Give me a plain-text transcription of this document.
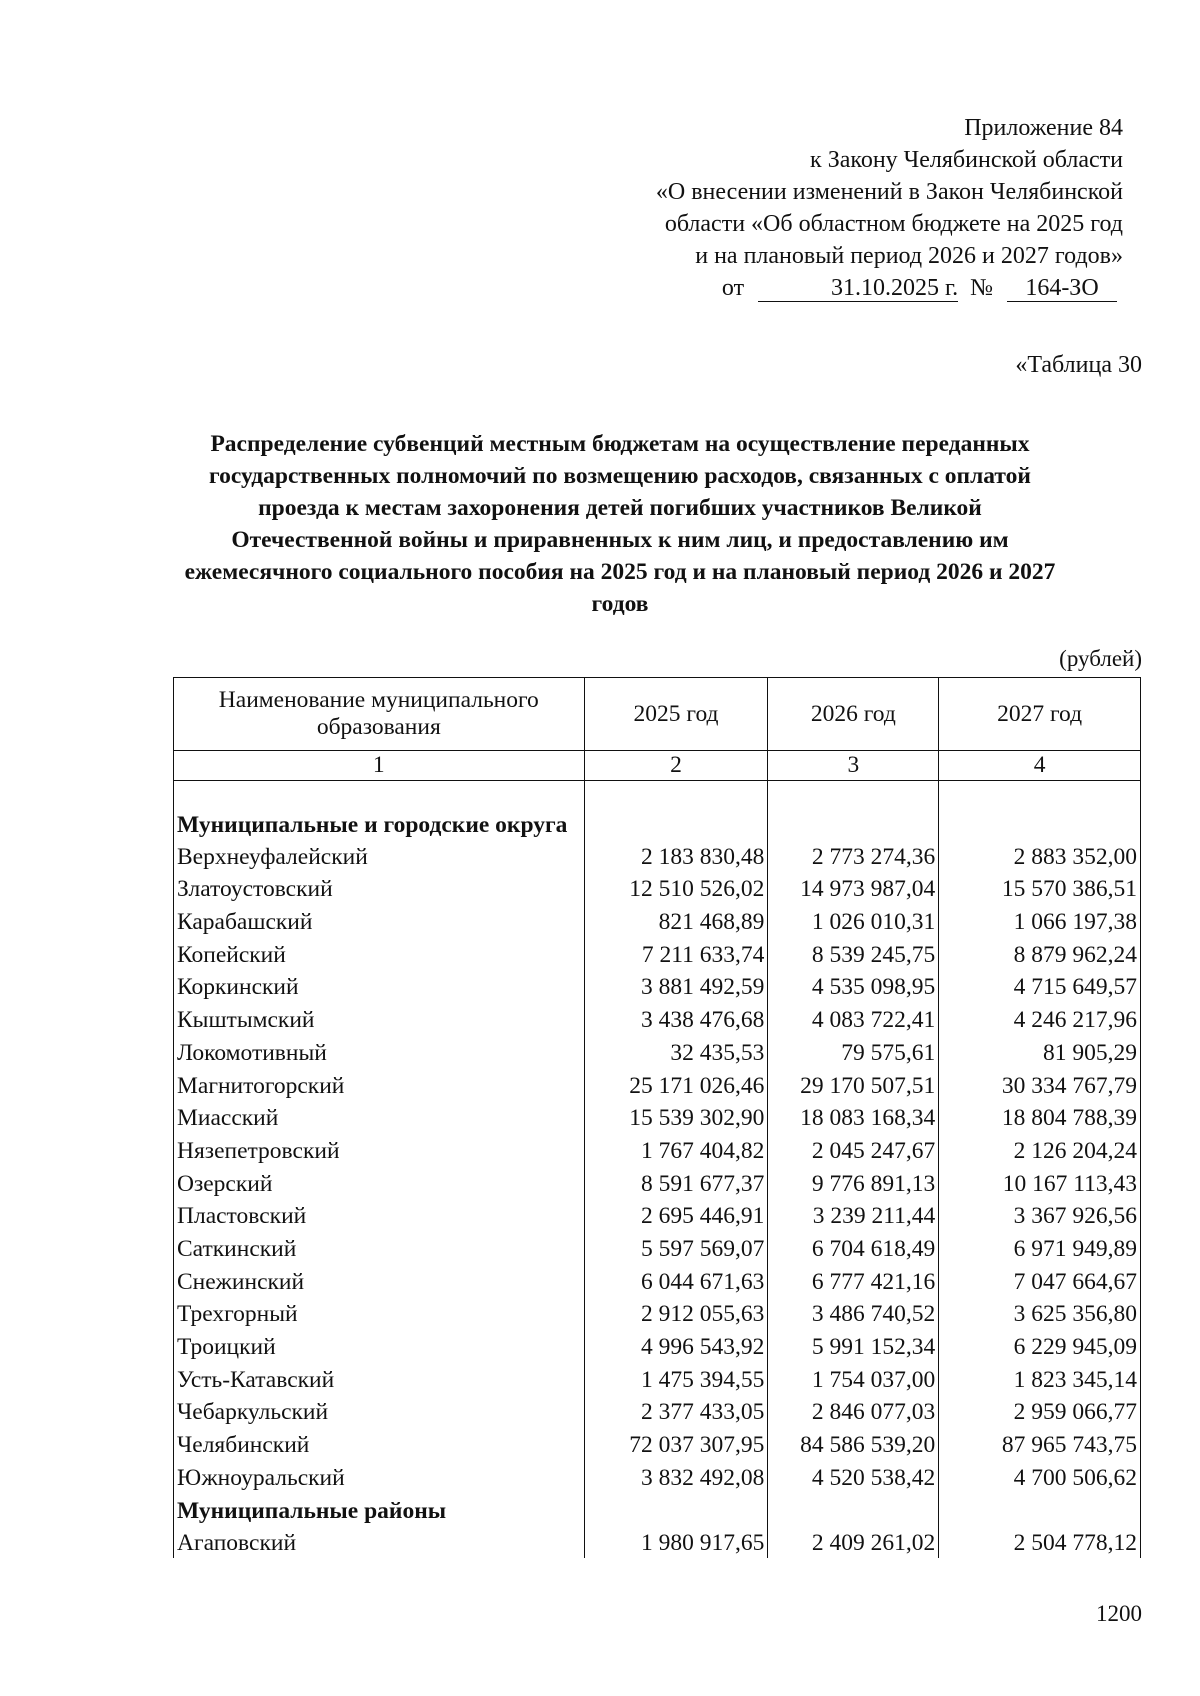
Приложение 84
к Закону Челябинской области
«О внесении изменений в Закон Челябинской
области «Об областном бюджете на 2025 год
и на плановый период 2026 и 2027 годов»
от	31.10.2025 г. № 164-ЗО
«Таблица 30
Распределение субвенций местным бюджетам на осуществление переданных государственных полномочий по возмещению расходов, связанных с оплатой проезда к местам захоронения детей погибших участников Великой Отечественной войны и приравненных к ним лиц, и предоставлению им ежемесячного социального пособия на 2025 год и на плановый период 2026 и 2027 годов
(рублей)
Наименование муниципального образования	2025 год	2026 год	2027 год
1	2	3	4
Муниципальные и городские округа			
Верхнеуфалейский	2 183 830,48	2 773 274,36	2 883 352,00
Златоустовский	12 510 526,02	14 973 987,04	15 570 386,51
Карабашский	821 468,89	1 026 010,31	1 066 197,38
Копейский	7 211 633,74	8 539 245,75	8 879 962,24
Коркинский	3 881 492,59	4 535 098,95	4 715 649,57
Кыштымский	3 438 476,68	4 083 722,41	4 246 217,96
Локомотивный	32 435,53	79 575,61	81 905,29
Магнитогорский	25 171 026,46	29 170 507,51	30 334 767,79
Миасский	15 539 302,90	18 083 168,34	18 804 788,39
Нязепетровский	1 767 404,82	2 045 247,67	2 126 204,24
Озерский	8 591 677,37	9 776 891,13	10 167 113,43
Пластовский	2 695 446,91	3 239 211,44	3 367 926,56
Саткинский	5 597 569,07	6 704 618,49	6 971 949,89
Снежинский	6 044 671,63	6 777 421,16	7 047 664,67
Трехгорный	2 912 055,63	3 486 740,52	3 625 356,80
Троицкий	4 996 543,92	5 991 152,34	6 229 945,09
Усть-Катавский	1 475 394,55	1 754 037,00	1 823 345,14
Чебаркульский	2 377 433,05	2 846 077,03	2 959 066,77
Челябинский	72 037 307,95	84 586 539,20	87 965 743,75
Южноуральский	3 832 492,08	4 520 538,42	4 700 506,62
Муниципальные районы			
Агаповский	1 980 917,65	2 409 261,02	2 504 778,12
1200
